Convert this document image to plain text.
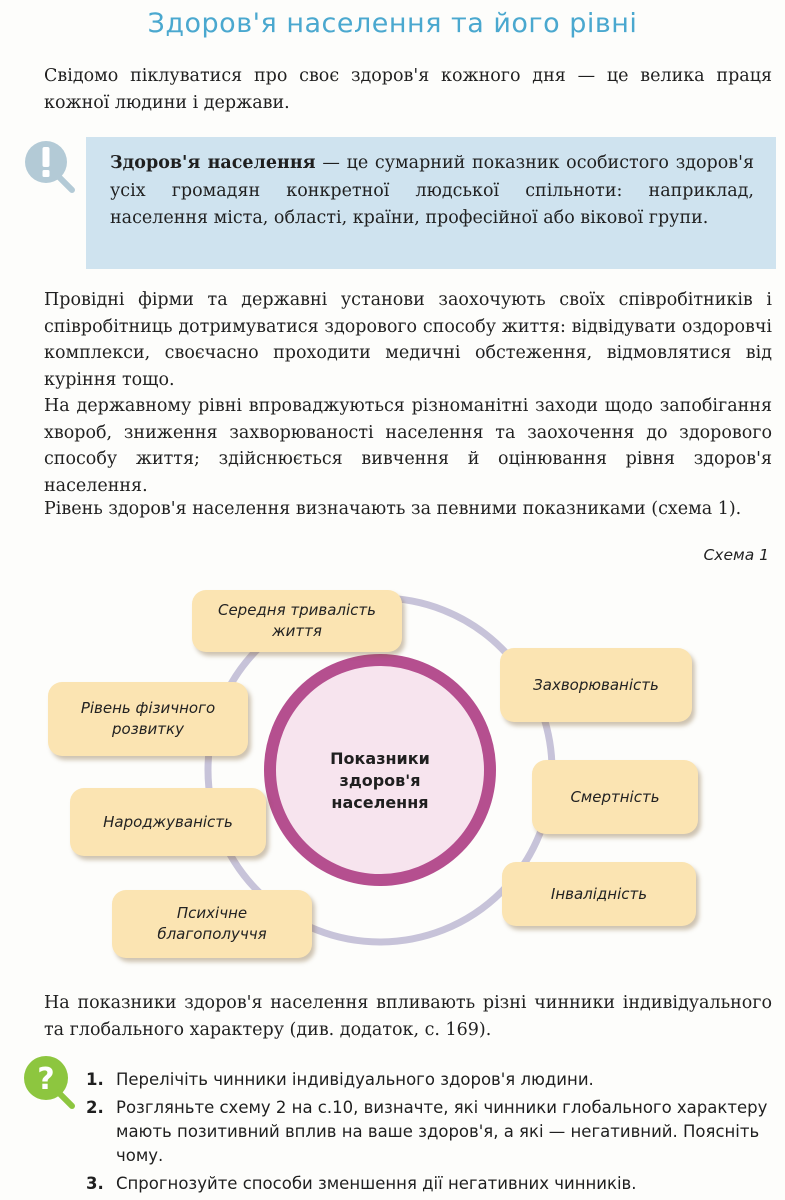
Здоров'я населення та його рівні
Свідомо піклуватися про своє здоров'я кожного дня — це велика праця кожної людини і держави.
Здоров'я населення — це сумарний показник особистого здоров'я усіх громадян конкретної людської спільноти: наприклад, населення міста, області, країни, професійної або вікової групи.
Провідні фірми та державні установи заохочують своїх співробітників і співробітниць дотримуватися здорового способу життя: відвідувати оздоровчі комплекси, своєчасно проходити медичні обстеження, відмовлятися від куріння тощо.
На державному рівні впроваджуються різноманітні заходи щодо запобігання хвороб, зниження захворюваності населення та заохочення до здорового способу життя; здійснюється вивчення й оцінювання рівня здоров'я населення.
Рівень здоров'я населення визначають за певними показниками (схема 1).
Схема 1
Показники здоров'я населення
Середня тривалість життя
Захворюваність
Смертність
Інвалідність
Психічне благополуччя
Народжуваність
Рівень фізичного розвитку
На показники здоров'я населення впливають різні чинники індивідуального та глобального характеру (див. додаток, с. 169).
? 1. Перелічіть чинники індивідуального здоров'я людини.
2. Розгляньте схему 2 на с.10, визначте, які чинники глобального характеру мають позитивний вплив на ваше здоров'я, а які — негативний. Поясніть чому.
3. Спрогнозуйте способи зменшення дії негативних чинників.
